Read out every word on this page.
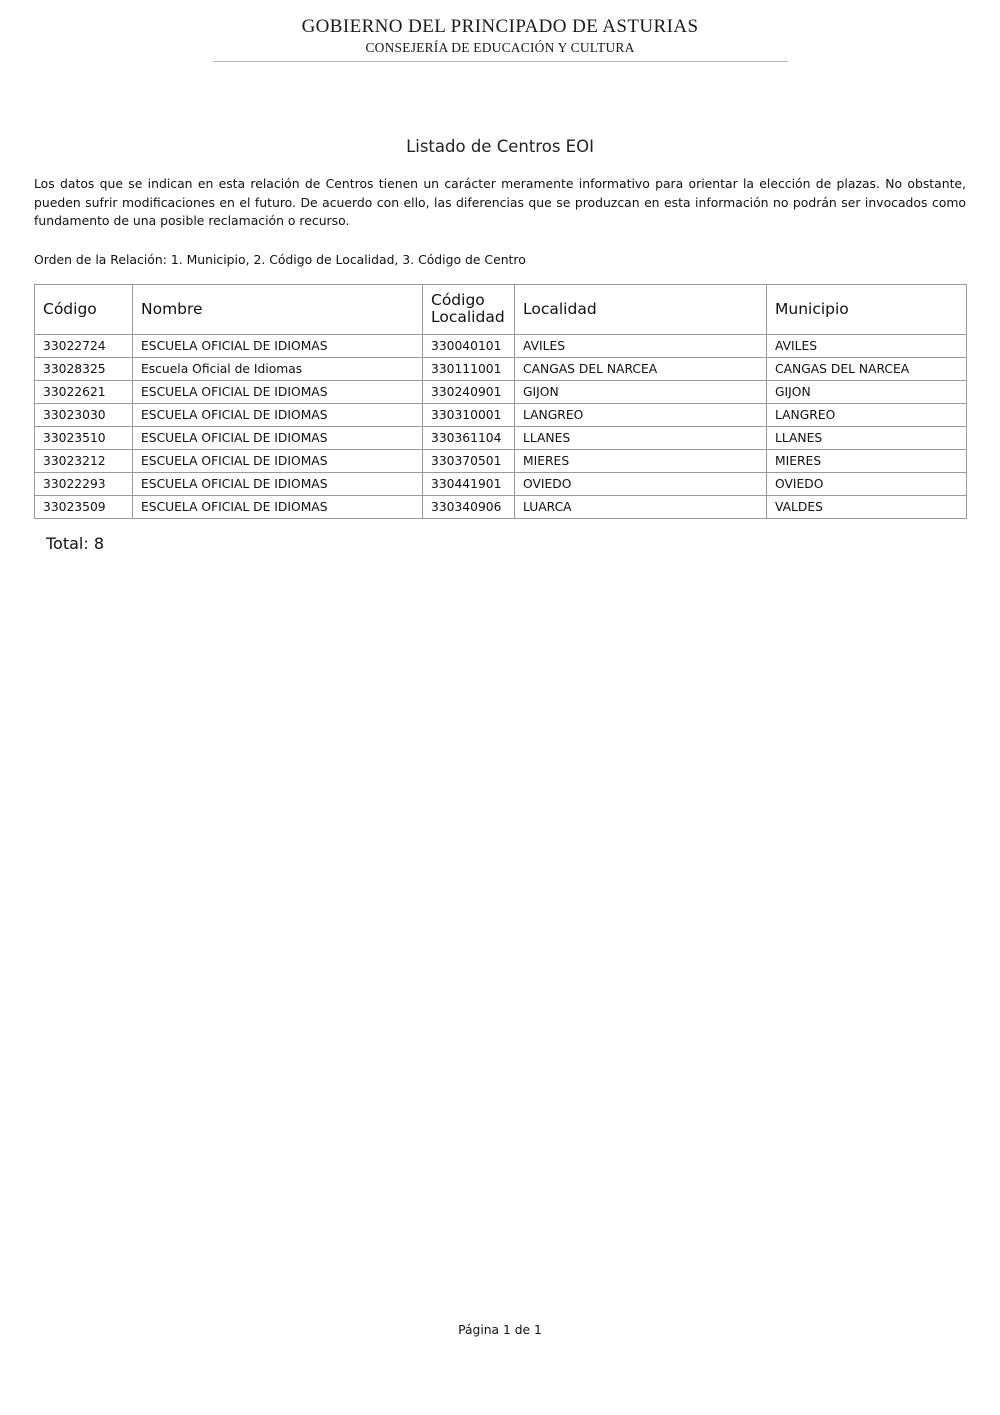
GOBIERNO DEL PRINCIPADO DE ASTURIAS
CONSEJERÍA DE EDUCACIÓN Y CULTURA
Listado de Centros EOI

Los datos que se indican en esta relación de Centros tienen un carácter meramente informativo para orientar la elección de plazas. No obstante, pueden sufrir modificaciones en el futuro. De acuerdo con ello, las diferencias que se produzcan en esta información no podrán ser invocados como fundamento de una posible reclamación o recurso.

Orden de la Relación: 1. Municipio, 2. Código de Localidad, 3. Código de Centro

Código	Nombre	Código Localidad	Localidad	Municipio
33022724	ESCUELA OFICIAL DE IDIOMAS	330040101	AVILES	AVILES
33028325	Escuela Oficial de Idiomas	330111001	CANGAS DEL NARCEA	CANGAS DEL NARCEA
33022621	ESCUELA OFICIAL DE IDIOMAS	330240901	GIJON	GIJON
33023030	ESCUELA OFICIAL DE IDIOMAS	330310001	LANGREO	LANGREO
33023510	ESCUELA OFICIAL DE IDIOMAS	330361104	LLANES	LLANES
33023212	ESCUELA OFICIAL DE IDIOMAS	330370501	MIERES	MIERES
33022293	ESCUELA OFICIAL DE IDIOMAS	330441901	OVIEDO	OVIEDO
33023509	ESCUELA OFICIAL DE IDIOMAS	330340906	LUARCA	VALDES
Total: 8
Página 1 de 1
